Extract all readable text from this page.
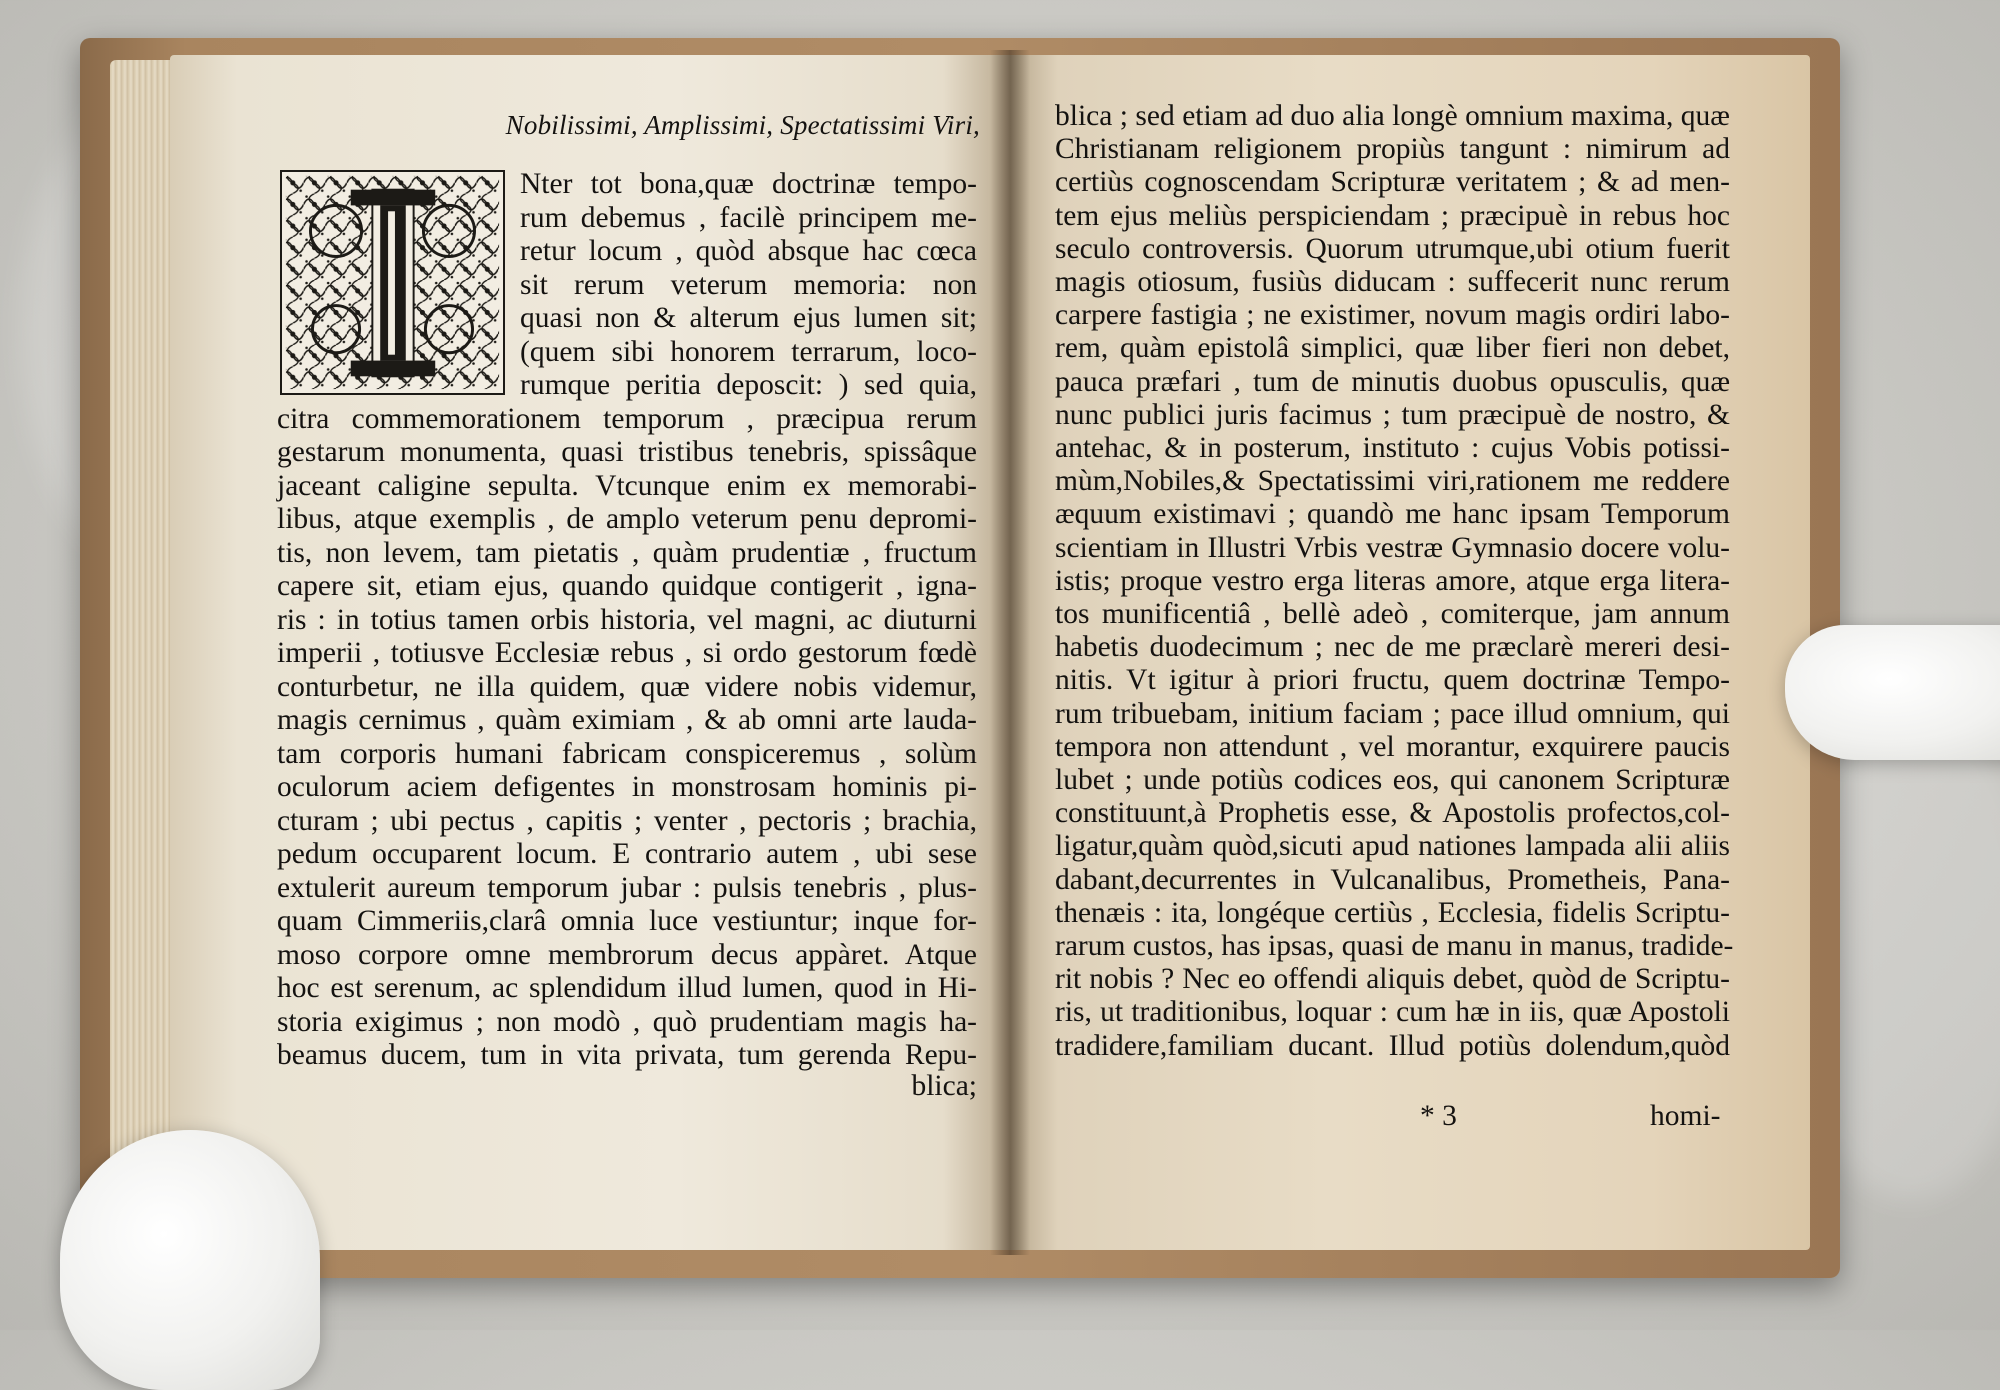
Nobilissimi, Amplissimi, Spectatissimi Viri,
Nter tot bona,quæ doctrinæ tempo-
rum debemus , facilè principem me-
retur locum , quòd absque hac cœca
sit rerum veterum memoria: non
quasi non & alterum ejus lumen sit;
(quem sibi honorem terrarum, loco-
rumque peritia deposcit: ) sed quia,
citra commemorationem temporum , præcipua rerum
gestarum monumenta, quasi tristibus tenebris, spissâque
jaceant caligine sepulta. Vtcunque enim ex memorabi-
libus, atque exemplis , de amplo veterum penu depromi-
tis, non levem, tam pietatis , quàm prudentiæ , fructum
capere sit, etiam ejus, quando quidque contigerit , igna-
ris : in totius tamen orbis historia, vel magni, ac diuturni
imperii , totiusve Ecclesiæ rebus , si ordo gestorum fœdè
conturbetur, ne illa quidem, quæ videre nobis videmur,
magis cernimus , quàm eximiam , & ab omni arte lauda-
tam corporis humani fabricam conspiceremus , solùm
oculorum aciem defigentes in monstrosam hominis pi-
cturam ; ubi pectus , capitis ; venter , pectoris ; brachia,
pedum occuparent locum. E contrario autem , ubi sese
extulerit aureum temporum jubar : pulsis tenebris , plus-
quam Cimmeriis,clarâ omnia luce vestiuntur; inque for-
moso corpore omne membrorum decus appàret. Atque
hoc est serenum, ac splendidum illud lumen, quod in Hi-
storia exigimus ; non modò , quò prudentiam magis ha-
beamus ducem, tum in vita privata, tum gerenda Repu-
blica;
blica ; sed etiam ad duo alia longè omnium maxima, quæ
Christianam religionem propiùs tangunt : nimirum ad
certiùs cognoscendam Scripturæ veritatem ; & ad men-
tem ejus meliùs perspiciendam ; præcipuè in rebus hoc
seculo controversis. Quorum utrumque,ubi otium fuerit
magis otiosum, fusiùs diducam : suffecerit nunc rerum
carpere fastigia ; ne existimer, novum magis ordiri labo-
rem, quàm epistolâ simplici, quæ liber fieri non debet,
pauca præfari , tum de minutis duobus opusculis, quæ
nunc publici juris facimus ; tum præcipuè de nostro, &
antehac, & in posterum, instituto : cujus Vobis potissi-
mùm,Nobiles,& Spectatissimi viri,rationem me reddere
æquum existimavi ; quandò me hanc ipsam Temporum
scientiam in Illustri Vrbis vestræ Gymnasio docere volu-
istis; proque vestro erga literas amore, atque erga litera-
tos munificentiâ , bellè adeò , comiterque, jam annum
habetis duodecimum ; nec de me præclarè mereri desi-
nitis. Vt igitur à priori fructu, quem doctrinæ Tempo-
rum tribuebam, initium faciam ; pace illud omnium, qui
tempora non attendunt , vel morantur, exquirere paucis
lubet ; unde potiùs codices eos, qui canonem Scripturæ
constituunt,à Prophetis esse, & Apostolis profectos,col-
ligatur,quàm quòd,sicuti apud nationes lampada alii aliis
dabant,decurrentes in Vulcanalibus, Prometheis, Pana-
thenæis : ita, longéque certiùs , Ecclesia, fidelis Scriptu-
rarum custos, has ipsas, quasi de manu in manus, tradide-
rit nobis ? Nec eo offendi aliquis debet, quòd de Scriptu-
ris, ut traditionibus, loquar : cum hæ in iis, quæ Apostoli
tradidere,familiam ducant. Illud potiùs dolendum,quòd
* 3	homi-
